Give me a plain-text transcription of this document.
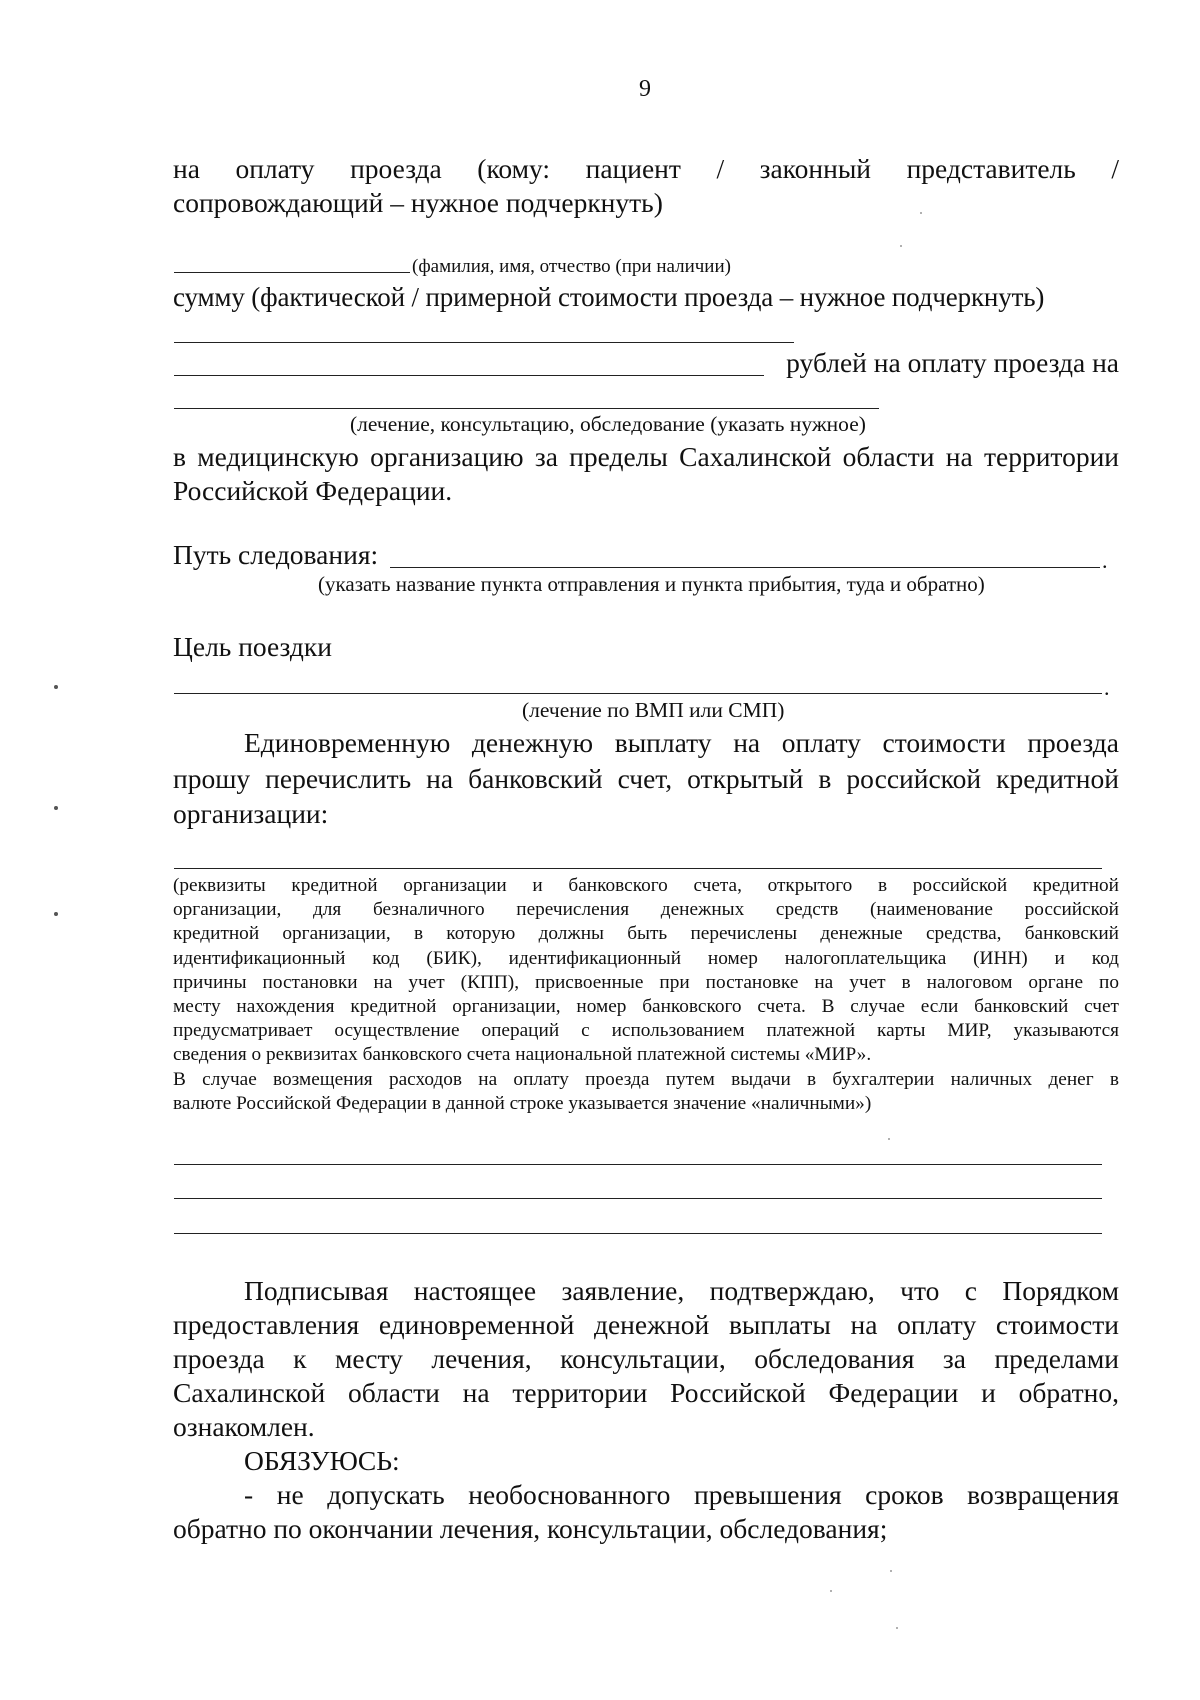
9
на оплату проезда (кому: пациент / законный представитель /
сопровождающий – нужное подчеркнуть)
(фамилия, имя, отчество (при наличии)
сумму (фактической / примерной стоимости проезда – нужное подчеркнуть)
рублей на оплату проезда на
(лечение, консультацию, обследование (указать нужное)
в медицинскую организацию за пределы Сахалинской области на территории
Российской Федерации.
Путь следования:	.
(указать название пункта отправления и пункта прибытия, туда и обратно)
Цель поездки
.
(лечение по ВМП или СМП)
Единовременную денежную выплату на оплату стоимости проезда
прошу перечислить на банковский счет, открытый в российской кредитной
организации:

(реквизиты кредитной организации и банковского счета, открытого в российской кредитной
организации, для безналичного перечисления денежных средств (наименование российской
кредитной организации, в которую должны быть перечислены денежные средства, банковский
идентификационный код (БИК), идентификационный номер налогоплательщика (ИНН) и код
причины постановки на учет (КПП), присвоенные при постановке на учет в налоговом органе по
месту нахождения кредитной организации, номер банковского счета. В случае если банковский счет
предусматривает осуществление операций с использованием платежной карты МИР, указываются
сведения о реквизитах банковского счета национальной платежной системы «МИР».

В случае возмещения расходов на оплату проезда путем выдачи в бухгалтерии наличных денег в
валюте Российской Федерации в данной строке указывается значение «наличными»)

Подписывая настоящее заявление, подтверждаю, что с Порядком
предоставления единовременной денежной выплаты на оплату стоимости
проезда к месту лечения, консультации, обследования за пределами
Сахалинской области на территории Российской Федерации и обратно,
ознакомлен.
ОБЯЗУЮСЬ:
- не допускать необоснованного превышения сроков возвращения
обратно по окончании лечения, консультации, обследования;
